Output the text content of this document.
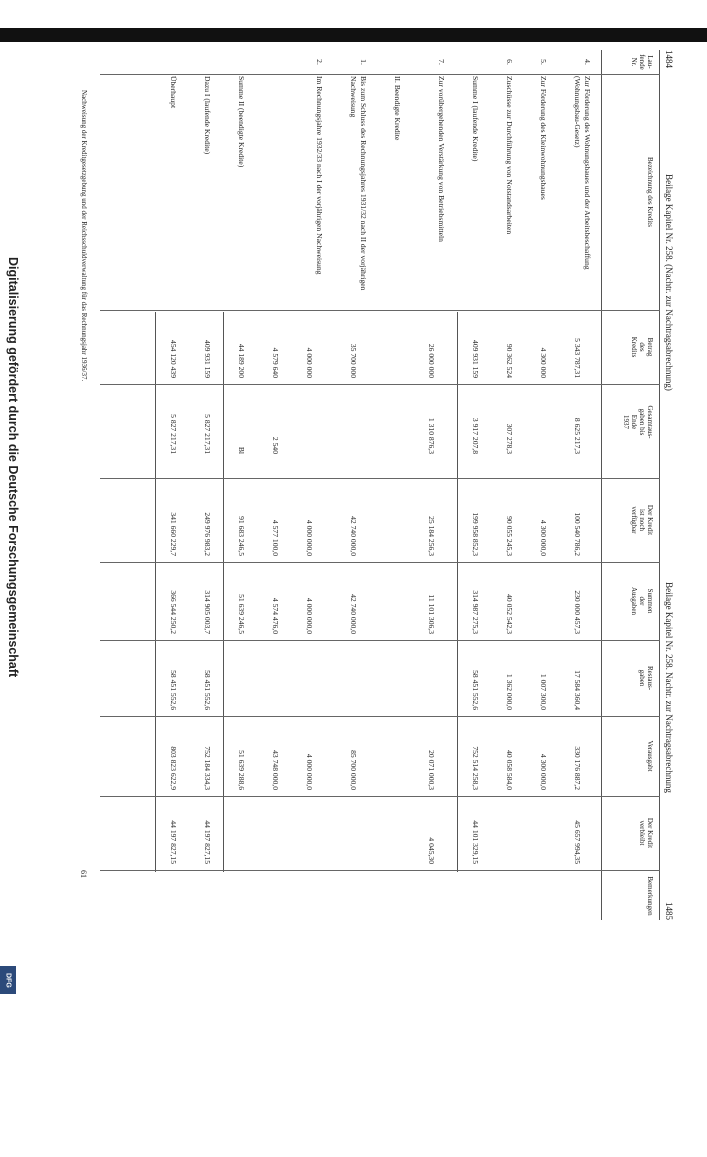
Digitalisierung gefördert durch die Deutsche Forschungsgemeinschaft
DFG
1484
Beilage Kapitel Nr. 258. (Nachtr. zur Nachtragsabrechnung)
Beilage Kapitel Nr. 258. Nachtr. zur Nachtragsabrechnung
1485
Lau-
fende
Nr.
Bezeichnung des Kredits
Betrag
des
Kredits
Gesamtaus-
gaben bis
Ende
1937
Der Kredit
ist noch
verfügbar
Summen
der
Ausgaben
Restaus-
gaben
Verausgabt
Der Kredit
verbleibt
Bemerkungen
4.
Zur Förderung des Wohnungsbaues und der Arbeitsbeschaffung (Wohnungsbau-Gesetz)
5 343 787,31
8 625 217,3
100 540 786,2
230 000 457,3
17 584 360,4
330 176 887,2
45 657 994,35
5.
Zur Förderung des Kleinwohnungsbaues
4 300 000
4 300 000,0
1 007 300,0
4 300 000,0
6.
Zuschüsse zur Durchführung von Notstandsarbeiten
90 362 524
307 278,3
90 055 245,3
40 052 542,3
1 362 000,0
40 058 584,0
Summe I (laufende Kredite)
409 931 159
3 917 207,8
199 958 852,3
314 987 275,3
58 451 552,6
752 514 258,3
44 101 329,15
7.
Zur vorübergehenden Verstärkung von Betriebsmitteln
26 000 000
1 310 876,3
25 184 256,3
11 101 306,3
20 071 000,3
4 045,30
II. Beendigte Kredite
1.
Bis zum Schluss des Rechnungsjahres 1931/32 nach II der vorjährigen Nachweisung
35 700 000
42 740 000,0
42 740 000,0
85 700 000,0
2.
Im Rechnungsjahre 1932/33 nach I der vorjährigen Nachweisung
4 000 000
4 000 000,0
4 000 000,0
4 000 000,0
4 579 640
2 540
4 577 100,0
4 574 476,0
43 748 000,0
Summe II (beendigte Kredite)
44 189 200
Bl
91 683 246,5
51 639 246,5
51 639 288,6
Dazu I (laufende Kredite)
409 931 159
5 827 217,31
249 976 983,2
314 905 003,7
58 451 552,6
752 184 334,3
44 197 827,15
Überhaupt
454 120 439
5 827 217,31
341 660 229,7
366 544 250,2
58 451 552,6
803 823 622,9
44 197 827,15
Nachweisung der Kreditgesetzgebung und der Reichsschuldverwaltung für das Rechnungsjahr 1936/37.
61
